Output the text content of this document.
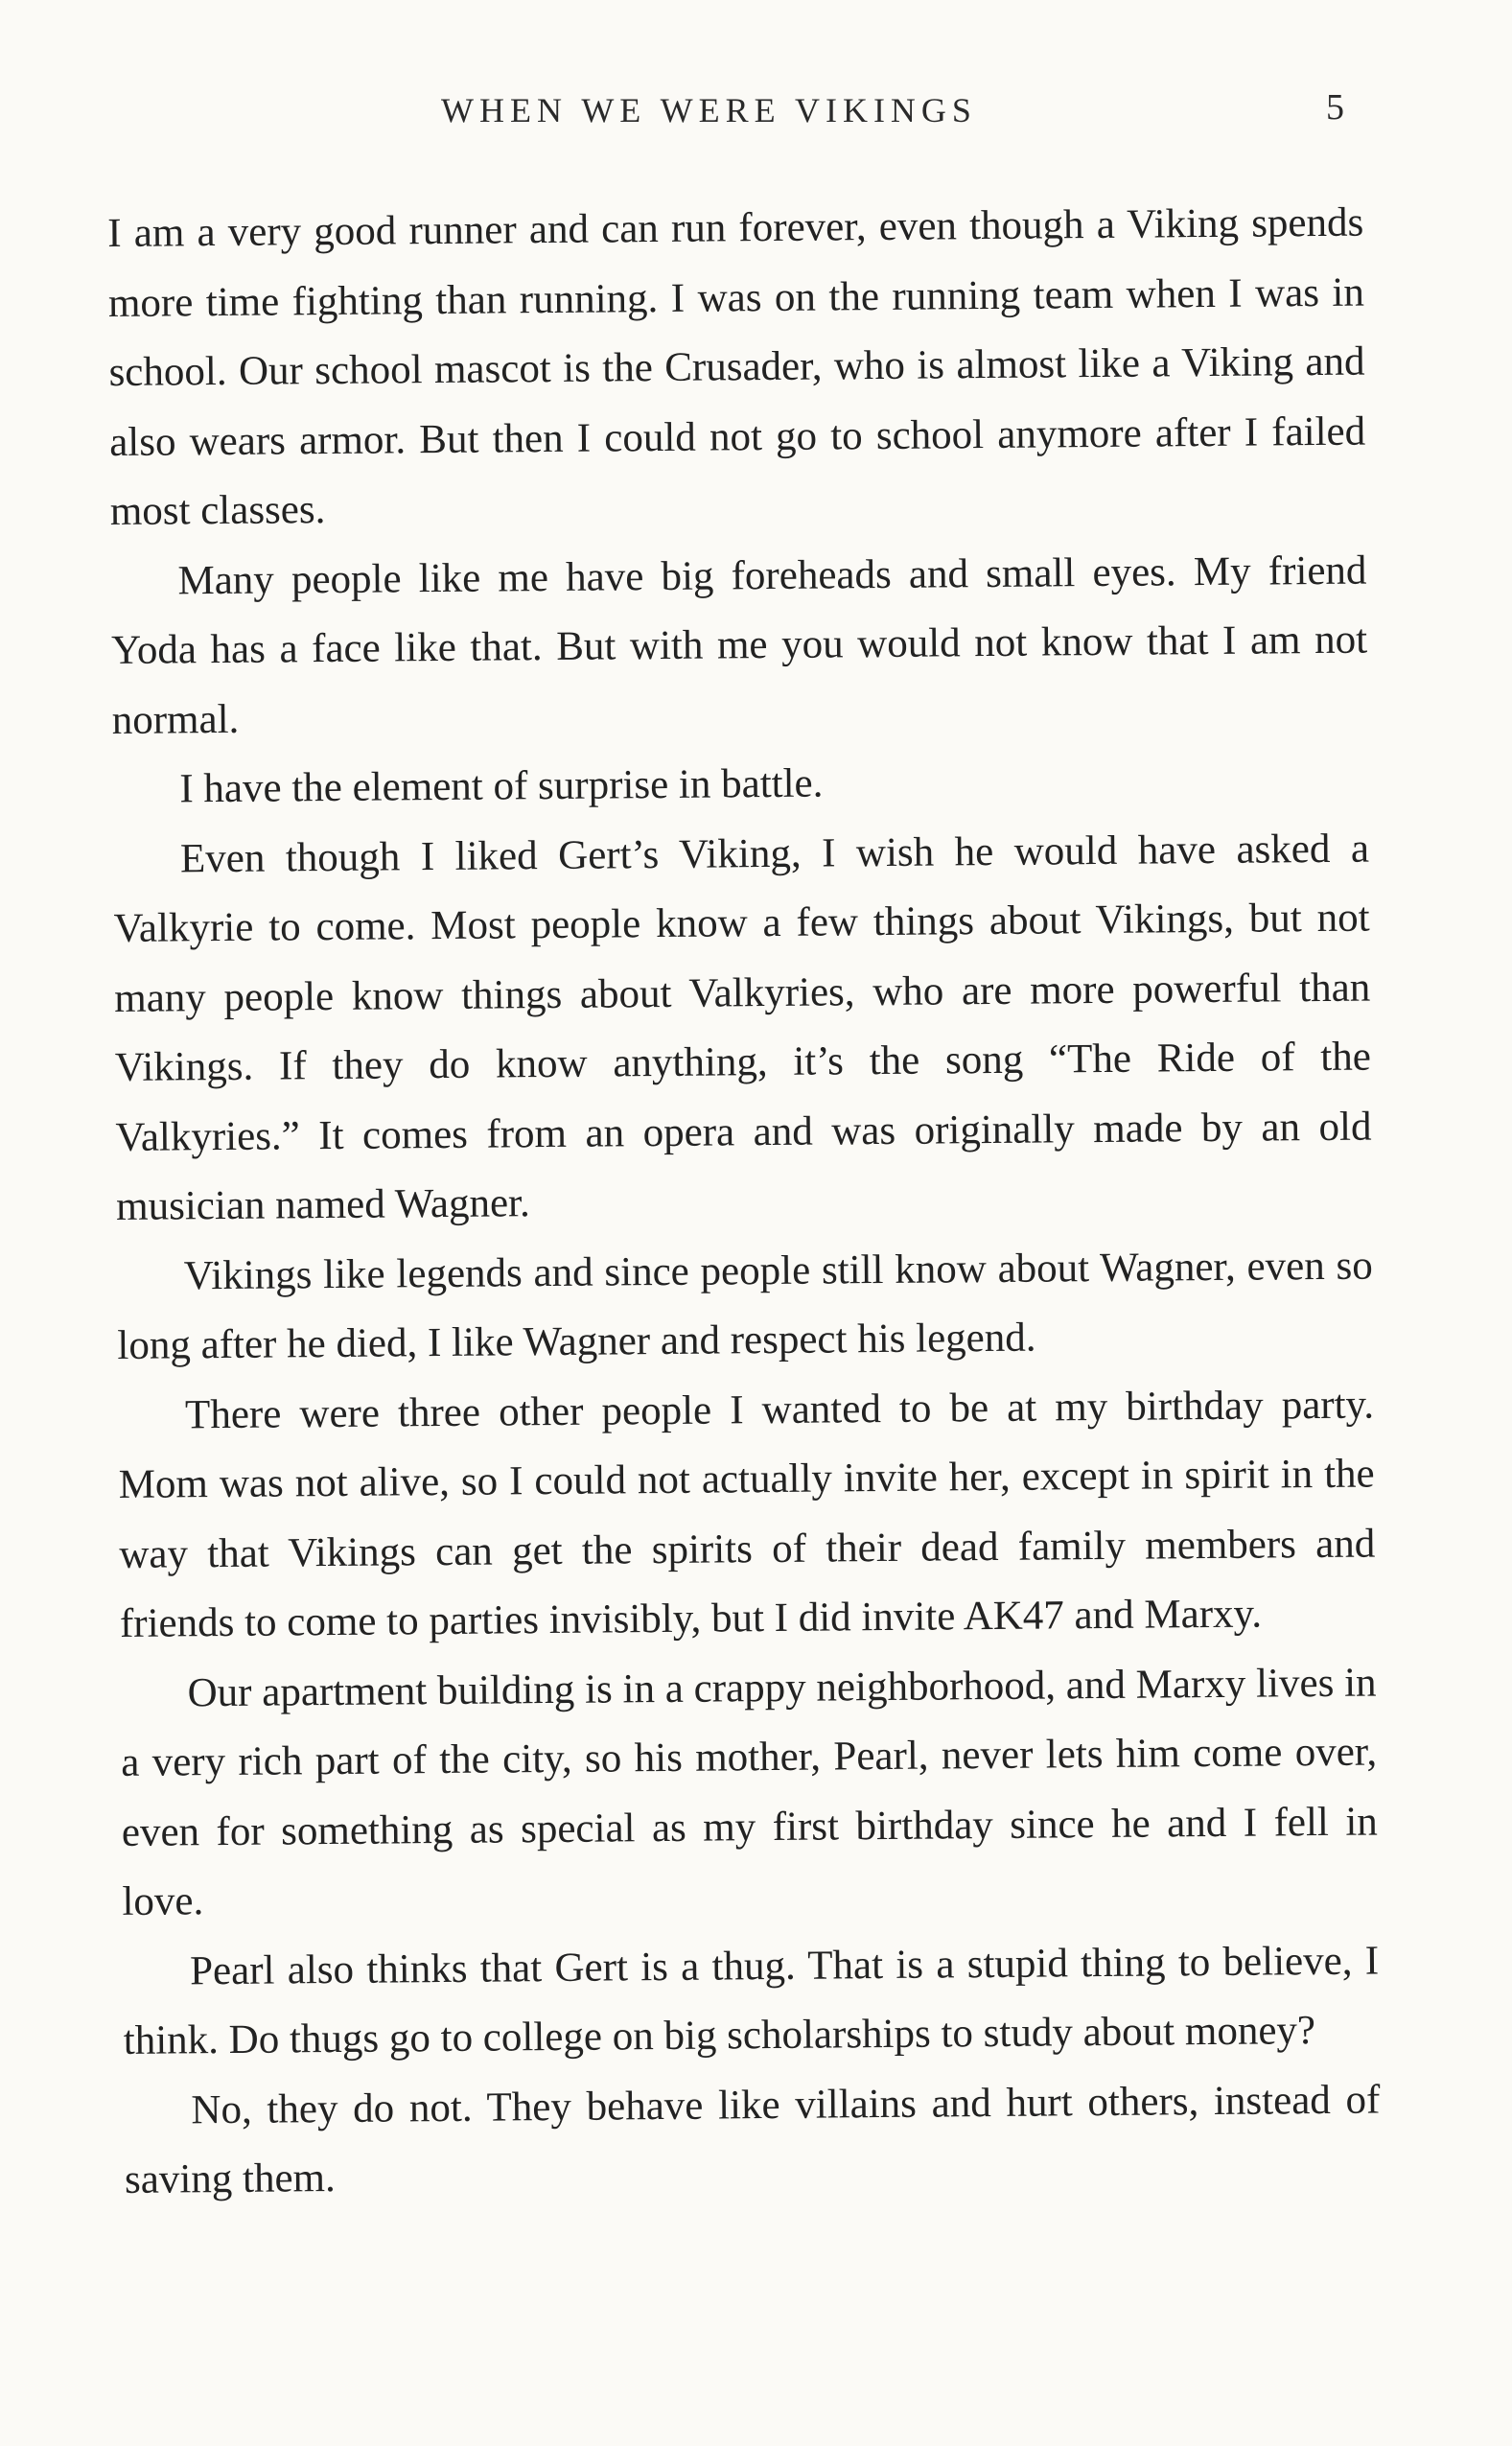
WHEN WE WERE VIKINGS	5

I am a very good runner and can run forever, even though a Viking spends more time fighting than running. I was on the running team when I was in school. Our school mascot is the Crusader, who is almost like a Viking and also wears armor. But then I could not go to school anymore after I failed most classes.

Many people like me have big foreheads and small eyes. My friend Yoda has a face like that. But with me you would not know that I am not normal.

I have the element of surprise in battle.

Even though I liked Gert’s Viking, I wish he would have asked a Valkyrie to come. Most people know a few things about Vikings, but not many people know things about Valkyries, who are more powerful than Vikings. If they do know anything, it’s the song “The Ride of the Valkyries.” It comes from an opera and was originally made by an old musician named Wagner.

Vikings like legends and since people still know about Wagner, even so long after he died, I like Wagner and respect his legend.

There were three other people I wanted to be at my birthday party. Mom was not alive, so I could not actually invite her, except in spirit in the way that Vikings can get the spirits of their dead family members and friends to come to parties invisibly, but I did invite AK47 and Marxy.

Our apartment building is in a crappy neighborhood, and Marxy lives in a very rich part of the city, so his mother, Pearl, never lets him come over, even for something as special as my first birthday since he and I fell in love.

Pearl also thinks that Gert is a thug. That is a stupid thing to believe, I think. Do thugs go to college on big scholarships to study about money?

No, they do not. They behave like villains and hurt others, instead of saving them.
